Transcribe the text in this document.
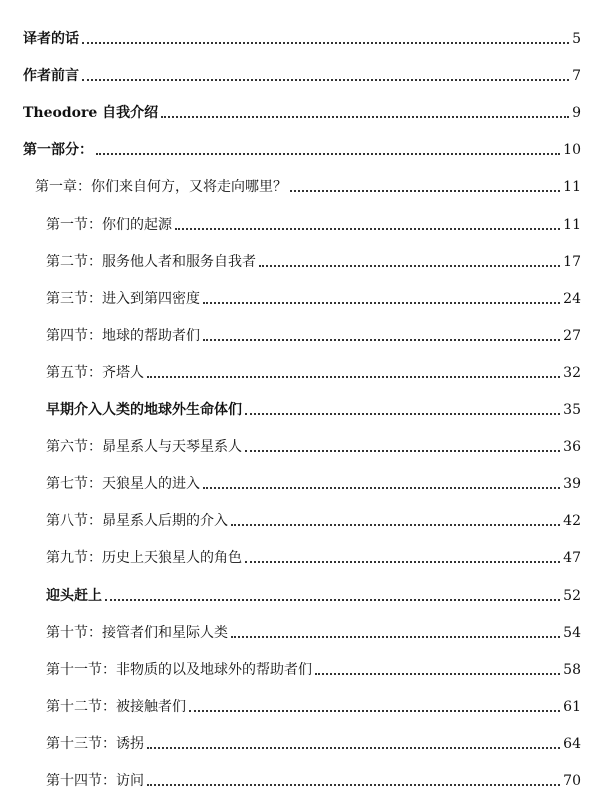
译者的话	5
作者前言	7
Theodore 自我介绍	9
第一部分：	10
第一章：你们来自何方，又将走向哪里？	11
第一节：你们的起源	11
第二节：服务他人者和服务自我者	17
第三节：进入到第四密度	24
第四节：地球的帮助者们	27
第五节：齐塔人	32
早期介入人类的地球外生命体们	35
第六节：昴星系人与天琴星系人	36
第七节：天狼星人的进入	39
第八节：昴星系人后期的介入	42
第九节：历史上天狼星人的角色	47
迎头赶上	52
第十节：接管者们和星际人类	54
第十一节：非物质的以及地球外的帮助者们	58
第十二节：被接触者们	61
第十三节：诱拐	64
第十四节：访问	70
